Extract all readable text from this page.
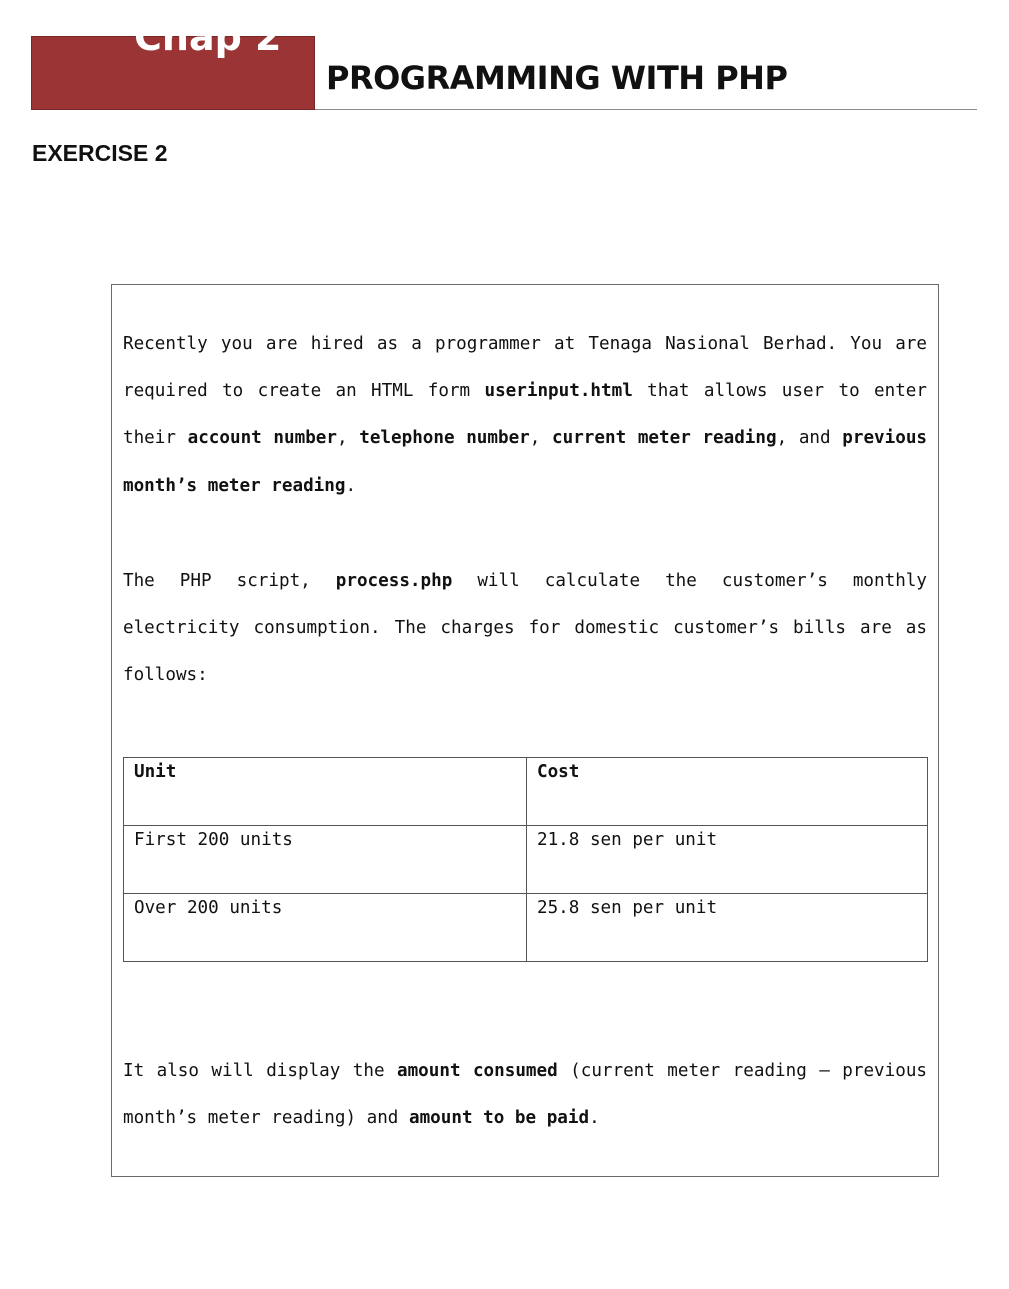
Chap 2
PROGRAMMING WITH PHP
EXERCISE 2

Recently you are hired as a programmer at Tenaga Nasional Berhad. You are required to create an HTML form userinput.html that allows user to enter their account number, telephone number, current meter reading, and previous month’s meter reading.

The PHP script, process.php will calculate the customer’s monthly electricity consumption. The charges for domestic customer’s bills are as follows:

Unit	Cost
First 200 units	21.8 sen per unit
Over 200 units	25.8 sen per unit

It also will display the amount consumed (current meter reading – previous month’s meter reading) and amount to be paid.
